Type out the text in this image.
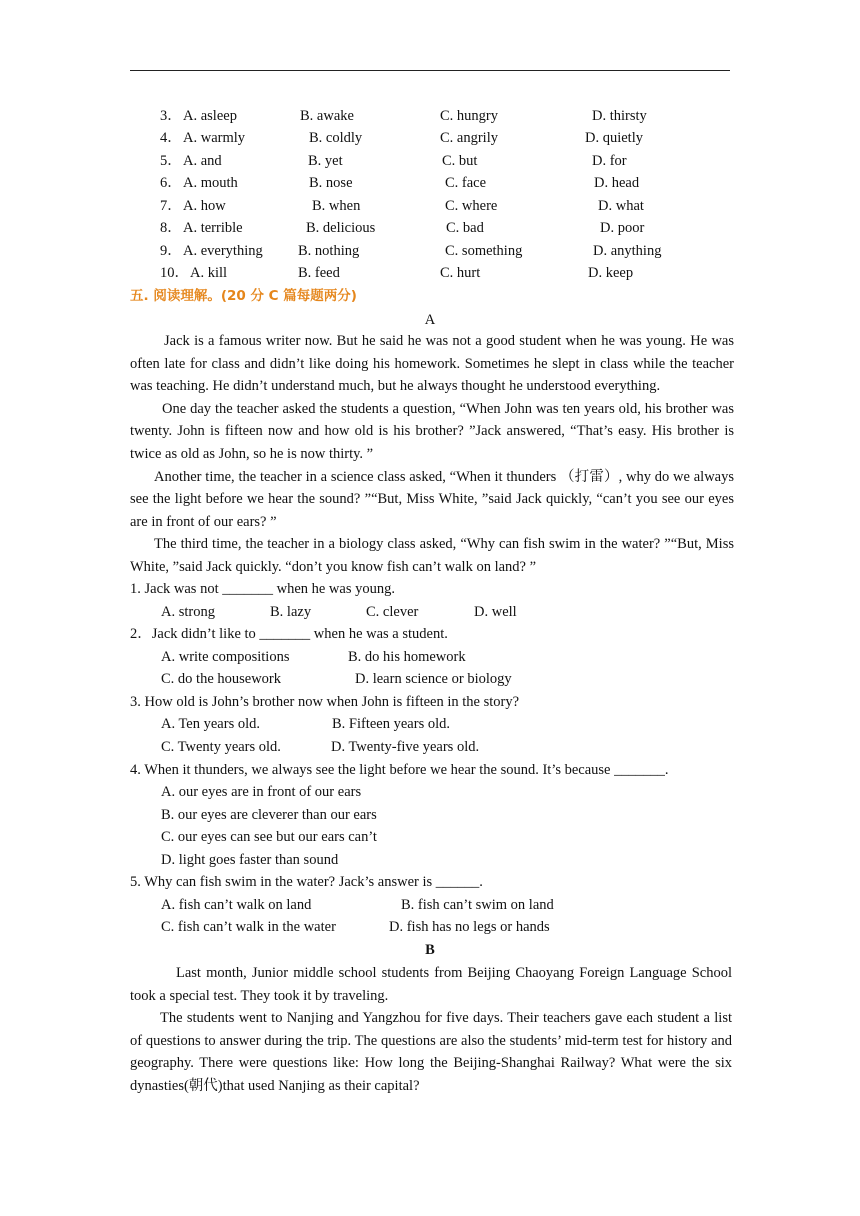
3． A. asleep	B. awake	C. hungry	D. thirsty
4． A. warmly	B. coldly	C. angrily	D. quietly
5． A. and	B. yet	C. but	D. for
6． A. mouth	B. nose	C. face	D. head
7． A. how	B. when	C. where	D. what
8． A. terrible	B. delicious	C. bad	D. poor
9． A. everything B. nothing	C. something	D. anything
10． A. kill	B. feed	C. hurt	D. keep
五. 阅读理解。(20 分 C 篇每题两分)
A

Jack is a famous writer now. But he said he was not a good student when he was young. He was often late for class and didn’t like doing his homework. Sometimes he slept in class while the teacher was teaching. He didn’t understand much, but he always thought he understood everything.

One day the teacher asked the students a question, “When John was ten years old, his brother was twenty. John is fifteen now and how old is his brother? ”Jack answered, “That’s easy. His brother is twice as old as John, so he is now thirty. ”

Another time, the teacher in a science class asked, “When it thunders （打雷）, why do we always see the light before we hear the sound? ”“But, Miss White, ”said Jack quickly, “can’t you see our eyes are in front of our ears? ”

The third time, the teacher in a biology class asked, “Why can fish swim in the water? ”“But, Miss White, ”said Jack quickly. “don’t you know fish can’t walk on land? ”

1. Jack was not _______ when he was young.
A. strong	B. lazy	C. clever	D. well
2．Jack didn’t like to _______ when he was a student.
A. write compositions	B. do his homework
C. do the housework	D. learn science or biology
3. How old is John’s brother now when John is fifteen in the story?
A. Ten years old.	B. Fifteen years old.
C. Twenty years old.	D. Twenty-five years old.
4. When it thunders, we always see the light before we hear the sound. It’s because _______.
A. our eyes are in front of our ears
B. our eyes are cleverer than our ears
C. our eyes can see but our ears can’t
D. light goes faster than sound
5. Why can fish swim in the water? Jack’s answer is ______.
A. fish can’t walk on land	B. fish can’t swim on land
C. fish can’t walk in the water	D. fish has no legs or hands
B

Last month, Junior middle school students from Beijing Chaoyang Foreign Language School took a special test. They took it by traveling.

The students went to Nanjing and Yangzhou for five days. Their teachers gave each student a list of questions to answer during the trip. The questions are also the students’ mid-term test for history and geography. There were questions like: How long the Beijing-Shanghai Railway? What were the six dynasties(朝代)that used Nanjing as their capital?
